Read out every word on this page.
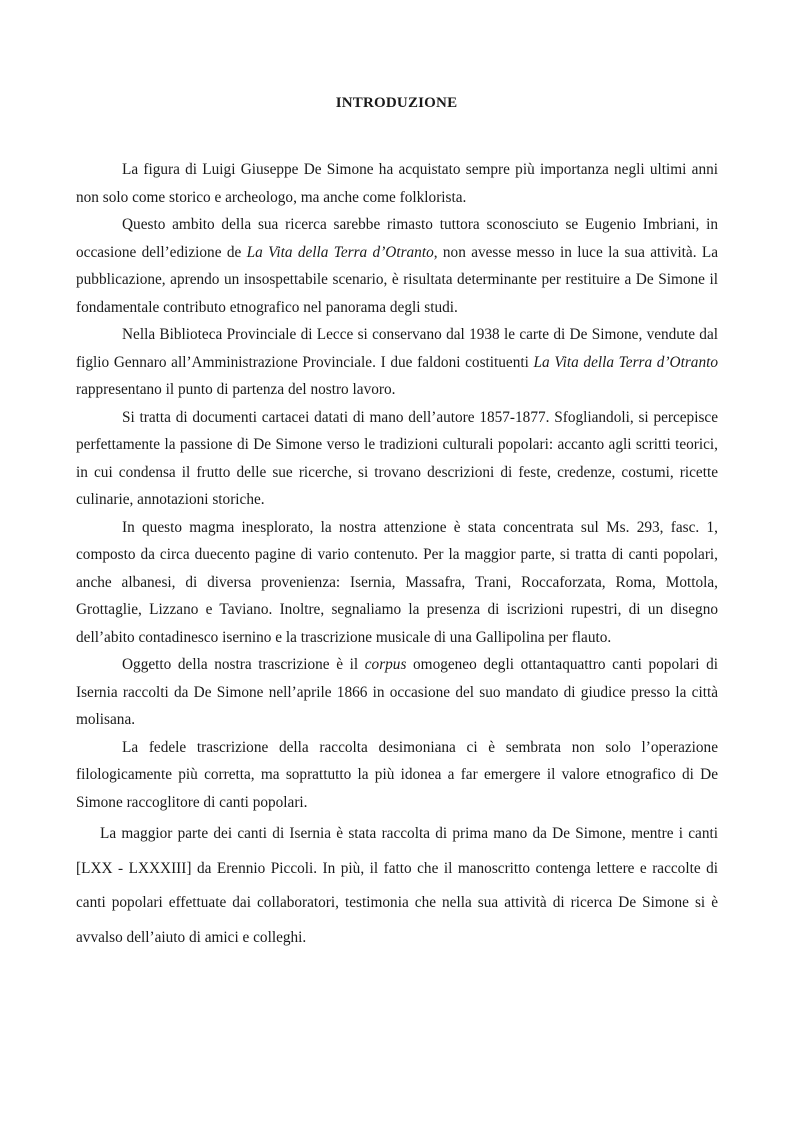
INTRODUZIONE

La figura di Luigi Giuseppe De Simone ha acquistato sempre più importanza negli ultimi anni non solo come storico e archeologo, ma anche come folklorista.

Questo ambito della sua ricerca sarebbe rimasto tuttora sconosciuto se Eugenio Imbriani, in occasione dell’edizione de La Vita della Terra d’Otranto, non avesse messo in luce la sua attività. La pubblicazione, aprendo un insospettabile scenario, è risultata determinante per restituire a De Simone il fondamentale contributo etnografico nel panorama degli studi.

Nella Biblioteca Provinciale di Lecce si conservano dal 1938 le carte di De Simone, vendute dal figlio Gennaro all’Amministrazione Provinciale. I due faldoni costituenti La Vita della Terra d’Otranto rappresentano il punto di partenza del nostro lavoro.

Si tratta di documenti cartacei datati di mano dell’autore 1857-1877. Sfogliandoli, si percepisce perfettamente la passione di De Simone verso le tradizioni culturali popolari: accanto agli scritti teorici, in cui condensa il frutto delle sue ricerche, si trovano descrizioni di feste, credenze, costumi, ricette culinarie, annotazioni storiche.

In questo magma inesplorato, la nostra attenzione è stata concentrata sul Ms. 293, fasc. 1, composto da circa duecento pagine di vario contenuto. Per la maggior parte, si tratta di canti popolari, anche albanesi, di diversa provenienza: Isernia, Massafra, Trani, Roccaforzata, Roma, Mottola, Grottaglie, Lizzano e Taviano. Inoltre, segnaliamo la presenza di iscrizioni rupestri, di un disegno dell’abito contadinesco isernino e la trascrizione musicale di una Gallipolina per flauto.

Oggetto della nostra trascrizione è il corpus omogeneo degli ottantaquattro canti popolari di Isernia raccolti da De Simone nell’aprile 1866 in occasione del suo mandato di giudice presso la città molisana.

La fedele trascrizione della raccolta desimoniana ci è sembrata non solo l’operazione filologicamente più corretta, ma soprattutto la più idonea a far emergere il valore etnografico di De Simone raccoglitore di canti popolari.

La maggior parte dei canti di Isernia è stata raccolta di prima mano da De Simone, mentre i canti [LXX - LXXXIII] da Erennio Piccoli. In più, il fatto che il manoscritto contenga lettere e raccolte di canti popolari effettuate dai collaboratori, testimonia che nella sua attività di ricerca De Simone si è avvalso dell’aiuto di amici e colleghi.
